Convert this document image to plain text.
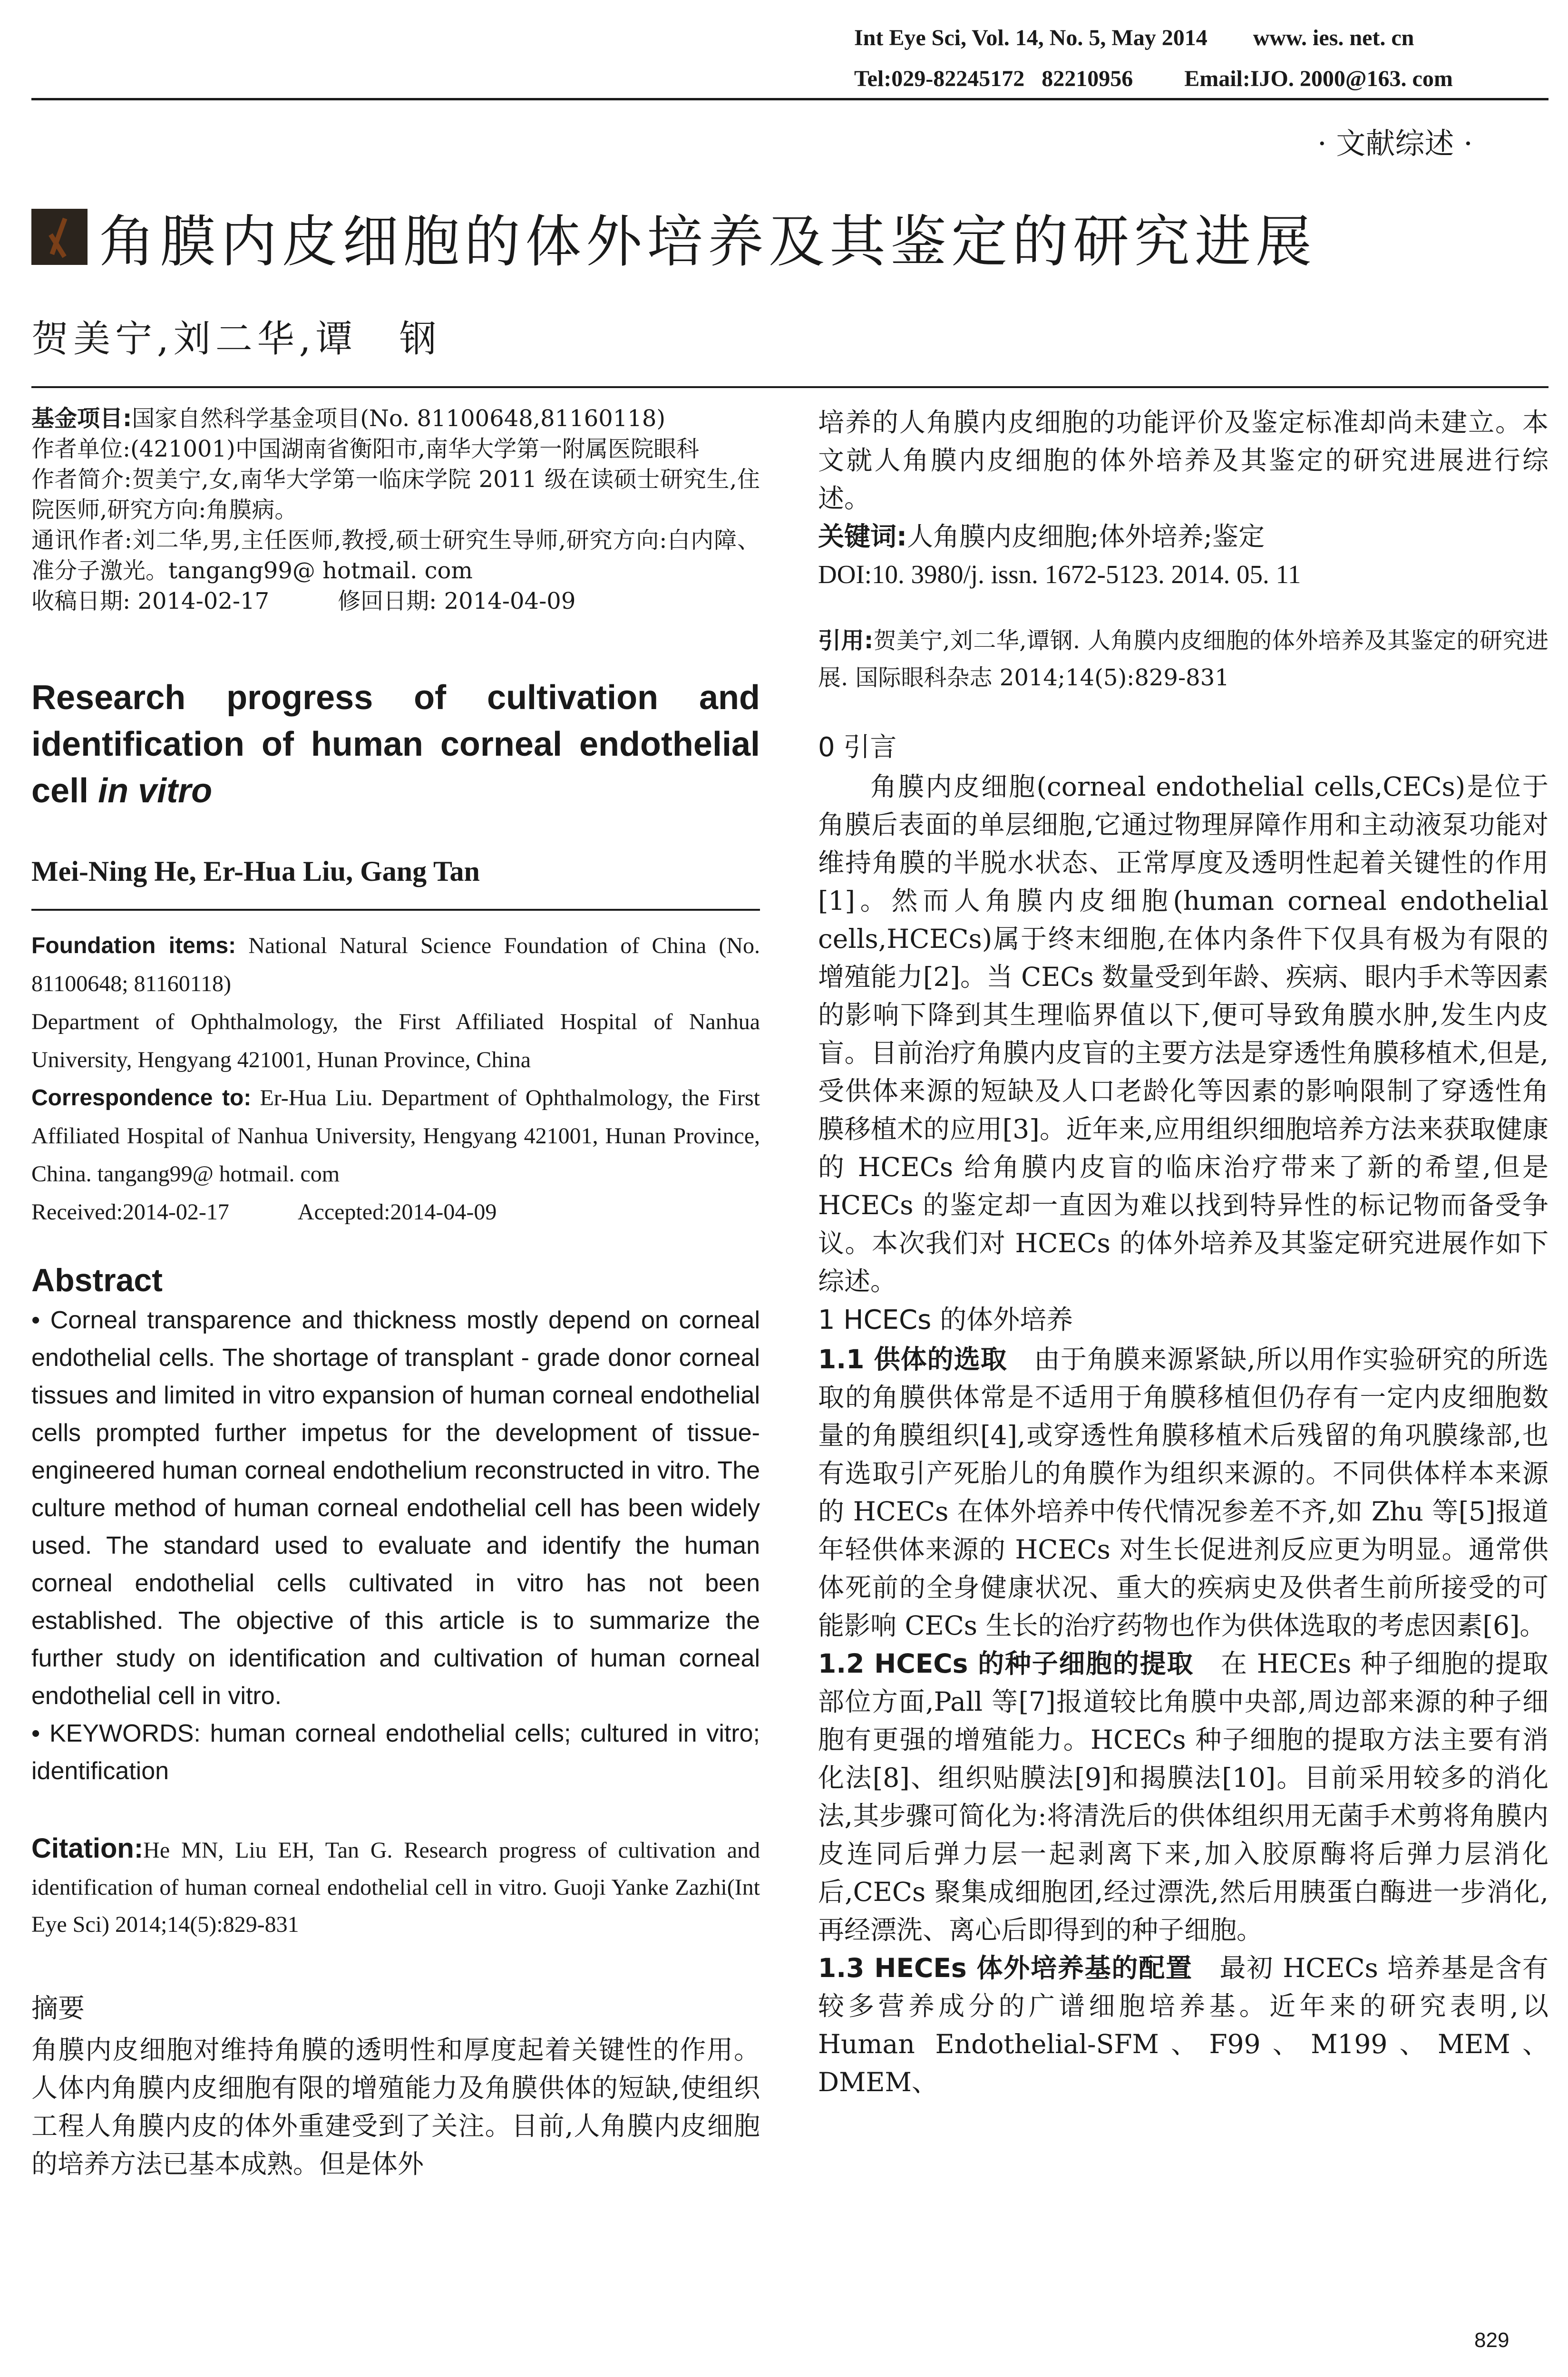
Int Eye Sci, Vol. 14, No. 5, May 2014        www. ies. net. cn
Tel:029-82245172   82210956         Email:IJO. 2000@163. com
· 文献综述 ·
角膜内皮细胞的体外培养及其鉴定的研究进展
贺美宁,刘二华,谭　钢

基金项目:国家自然科学基金项目(No. 81100648,81160118)

作者单位:(421001)中国湖南省衡阳市,南华大学第一附属医院眼科

作者简介:贺美宁,女,南华大学第一临床学院 2011 级在读硕士研究生,住院医师,研究方向:角膜病。

通讯作者:刘二华,男,主任医师,教授,硕士研究生导师,研究方向:白内障、准分子激光。tangang99@ hotmail. com

收稿日期: 2014-02-17　　　修回日期: 2014-04-09

Research progress of cultivation and
identification of human corneal endothelial
cell in vitro
Mei-Ning He, Er-Hua Liu, Gang Tan

Foundation items: National Natural Science Foundation of China (No. 81100648; 81160118)

Department of Ophthalmology, the First Affiliated Hospital of Nanhua University, Hengyang 421001, Hunan Province, China

Correspondence to: Er-Hua Liu. Department of Ophthalmology, the First Affiliated Hospital of Nanhua University, Hengyang 421001, Hunan Province, China. tangang99@ hotmail. com

Received:2014-02-17　　　Accepted:2014-04-09

Abstract

• Corneal transparence and thickness mostly depend on corneal endothelial cells. The shortage of transplant - grade donor corneal tissues and limited in vitro expansion of human corneal endothelial cells prompted further impetus for the development of tissue-engineered human corneal endothelium reconstructed in vitro. The culture method of human corneal endothelial cell has been widely used. The standard used to evaluate and identify the human corneal endothelial cells cultivated in vitro has not been established. The objective of this article is to summarize the further study on identification and cultivation of human corneal endothelial cell in vitro.

• KEYWORDS: human corneal endothelial cells; cultured in vitro; identification

Citation:He MN, Liu EH, Tan G. Research progress of cultivation and identification of human corneal endothelial cell in vitro. Guoji Yanke Zazhi(Int Eye Sci) 2014;14(5):829-831
摘要
角膜内皮细胞对维持角膜的透明性和厚度起着关键性的作用。人体内角膜内皮细胞有限的增殖能力及角膜供体的短缺,使组织工程人角膜内皮的体外重建受到了关注。目前,人角膜内皮细胞的培养方法已基本成熟。但是体外
培养的人角膜内皮细胞的功能评价及鉴定标准却尚未建立。本文就人角膜内皮细胞的体外培养及其鉴定的研究进展进行综述。
关键词:人角膜内皮细胞;体外培养;鉴定
DOI:10. 3980/j. issn. 1672-5123. 2014. 05. 11
引用:贺美宁,刘二华,谭钢. 人角膜内皮细胞的体外培养及其鉴定的研究进展. 国际眼科杂志 2014;14(5):829-831
0 引言
角膜内皮细胞(corneal endothelial cells,CECs)是位于角膜后表面的单层细胞,它通过物理屏障作用和主动液泵功能对维持角膜的半脱水状态、正常厚度及透明性起着关键性的作用[1]。然而人角膜内皮细胞(human corneal endothelial cells,HCECs)属于终末细胞,在体内条件下仅具有极为有限的增殖能力[2]。当 CECs 数量受到年龄、疾病、眼内手术等因素的影响下降到其生理临界值以下,便可导致角膜水肿,发生内皮盲。目前治疗角膜内皮盲的主要方法是穿透性角膜移植术,但是,受供体来源的短缺及人口老龄化等因素的影响限制了穿透性角膜移植术的应用[3]。近年来,应用组织细胞培养方法来获取健康的 HCECs 给角膜内皮盲的临床治疗带来了新的希望,但是 HCECs 的鉴定却一直因为难以找到特异性的标记物而备受争议。本次我们对 HCECs 的体外培养及其鉴定研究进展作如下综述。
1 HCECs 的体外培养
1.1 供体的选取　 由于角膜来源紧缺,所以用作实验研究的所选取的角膜供体常是不适用于角膜移植但仍存有一定内皮细胞数量的角膜组织[4],或穿透性角膜移植术后残留的角巩膜缘部,也有选取引产死胎儿的角膜作为组织来源的。不同供体样本来源的 HCECs 在体外培养中传代情况参差不齐,如 Zhu 等[5]报道年轻供体来源的 HCECs 对生长促进剂反应更为明显。通常供体死前的全身健康状况、重大的疾病史及供者生前所接受的可能影响 CECs 生长的治疗药物也作为供体选取的考虑因素[6]。
1.2 HCECs 的种子细胞的提取　 在 HECEs 种子细胞的提取部位方面,Pall 等[7]报道较比角膜中央部,周边部来源的种子细胞有更强的增殖能力。HCECs 种子细胞的提取方法主要有消化法[8]、组织贴膜法[9]和揭膜法[10]。目前采用较多的消化法,其步骤可简化为:将清洗后的供体组织用无菌手术剪将角膜内皮连同后弹力层一起剥离下来,加入胶原酶将后弹力层消化后,CECs 聚集成细胞团,经过漂洗,然后用胰蛋白酶进一步消化,再经漂洗、离心后即得到的种子细胞。
1.3 HECEs 体外培养基的配置　 最初 HCECs 培养基是含有较多营养成分的广谱细胞培养基。近年来的研究表明,以 Human Endothelial-SFM、F99、M199、MEM、DMEM、
829
